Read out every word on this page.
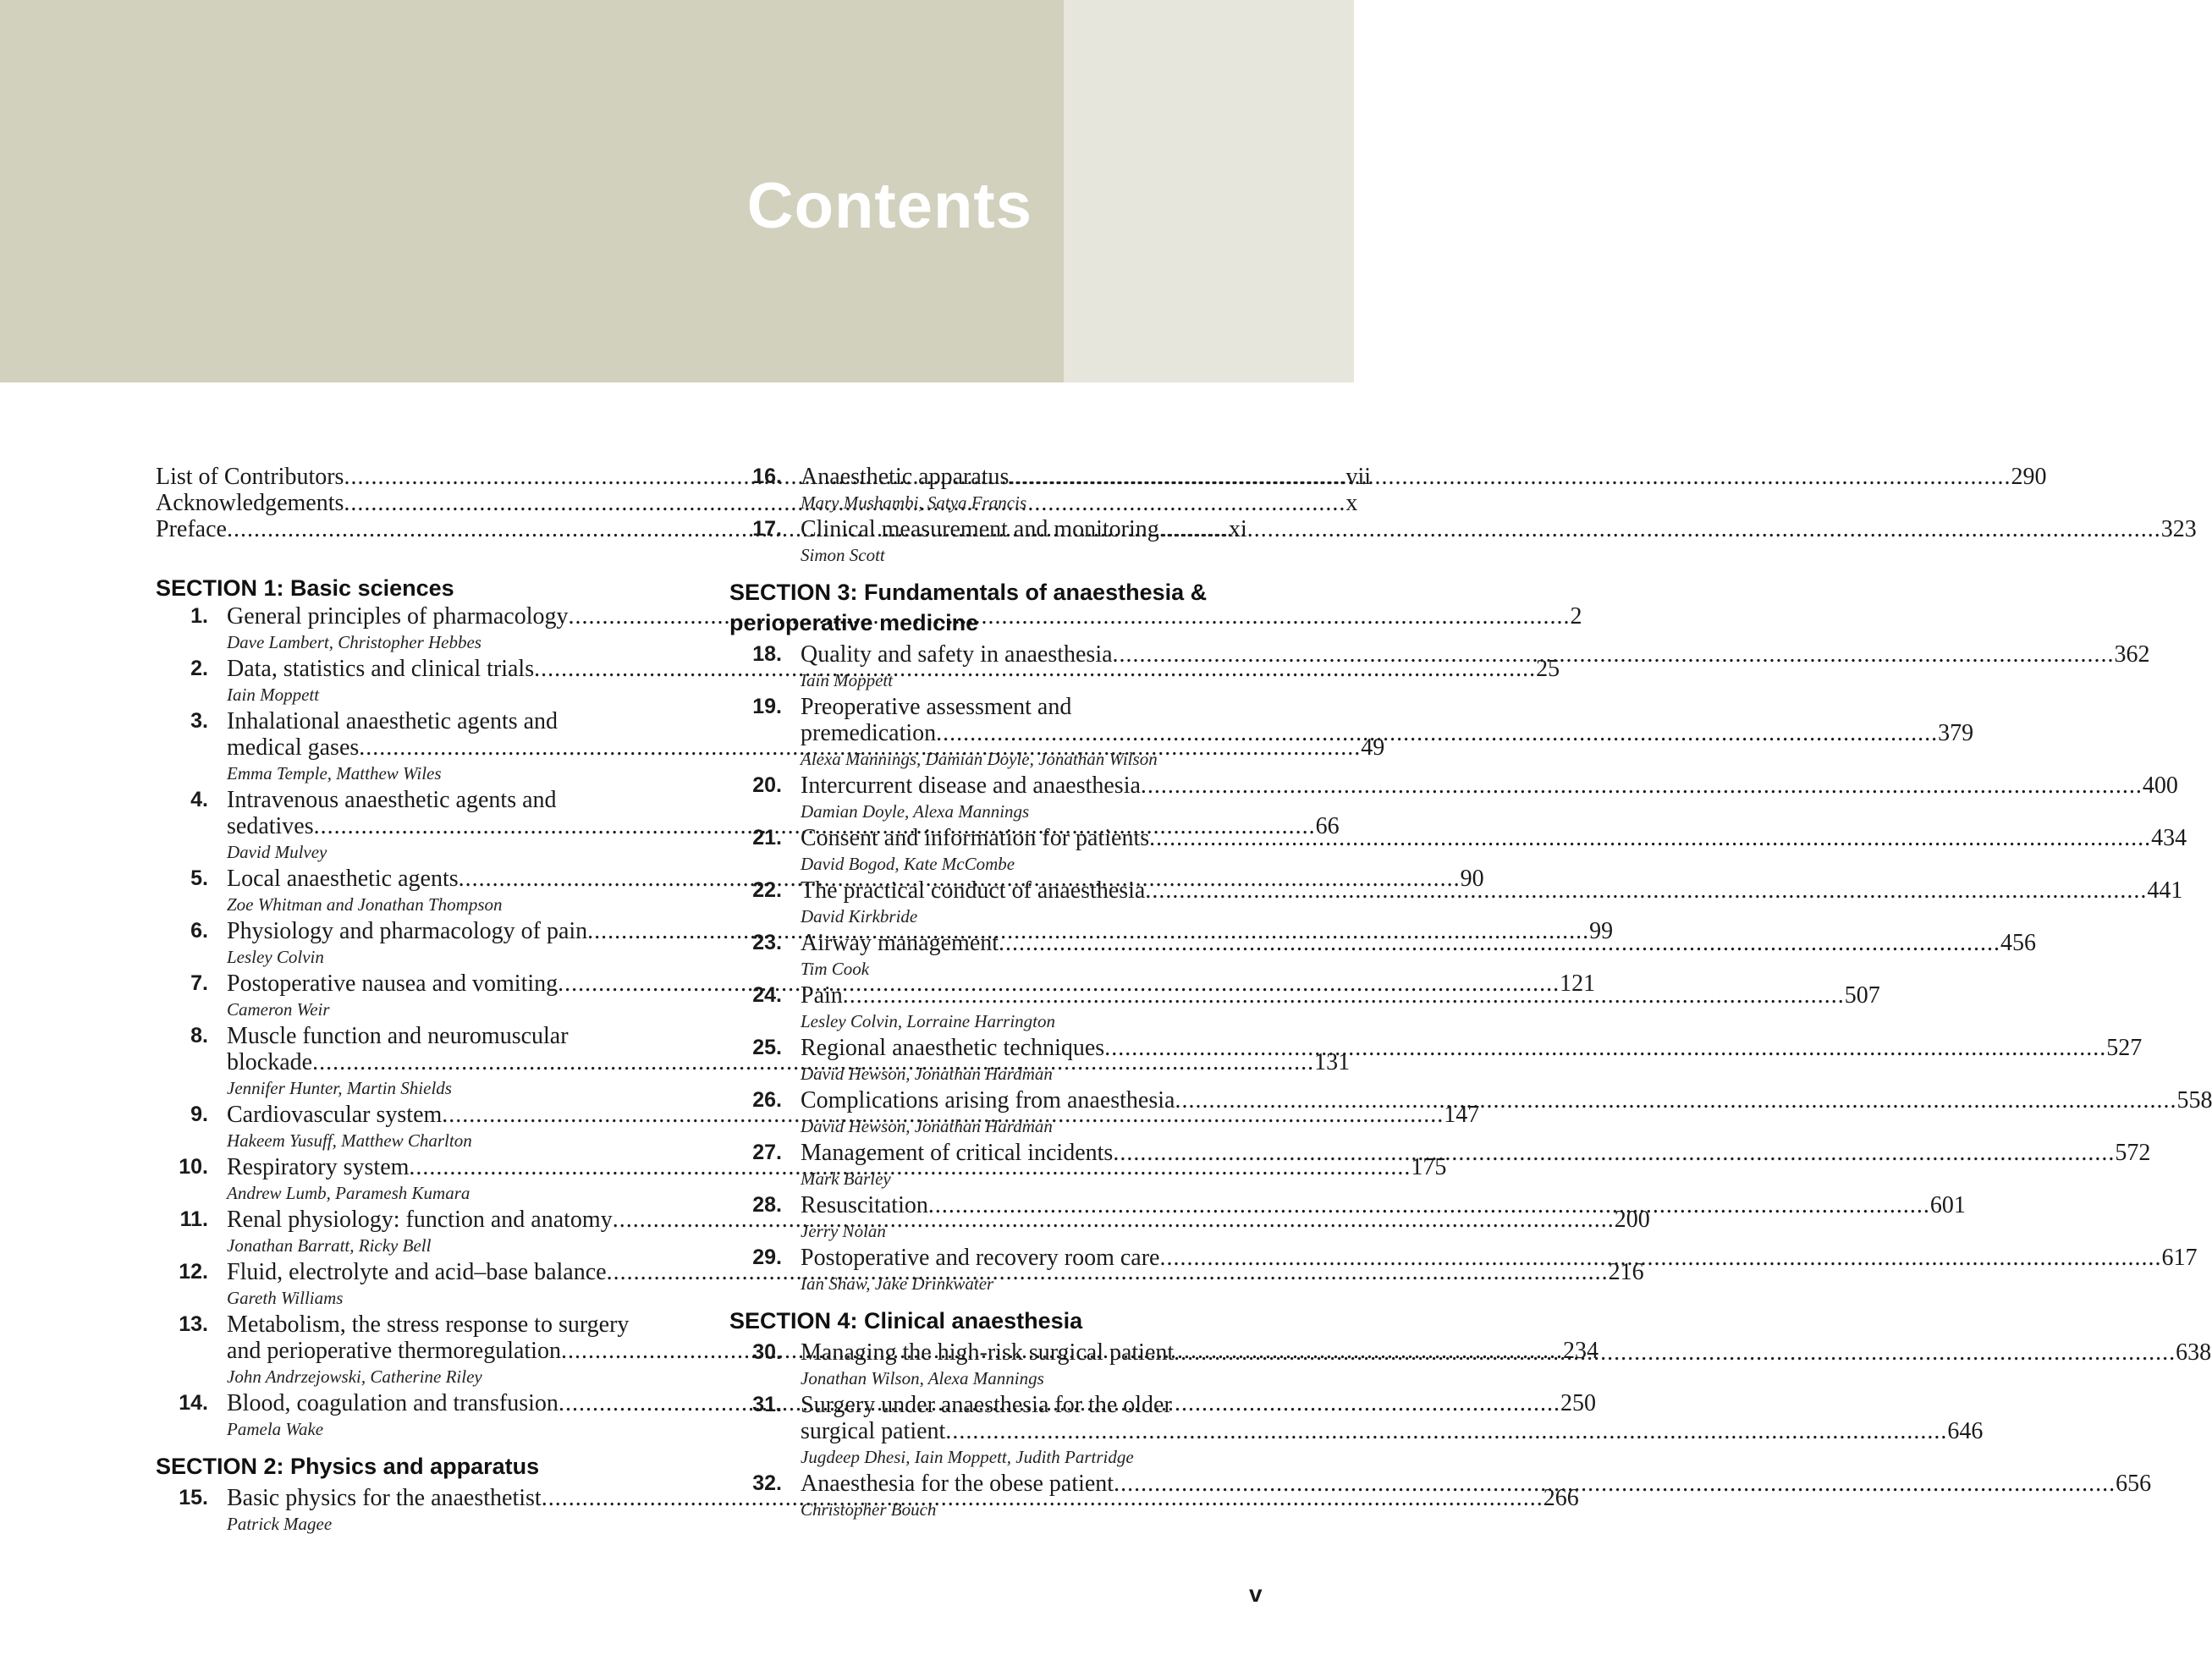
Contents
List of Contributors .....	vii
Acknowledgements .....	x
Preface .....	xi
SECTION 1: Basic sciences
1. General principles of pharmacology .....	2
Dave Lambert, Christopher Hebbes
2. Data, statistics and clinical trials .....	25
Iain Moppett
3. Inhalational anaesthetic agents and
medical gases .....	49
Emma Temple, Matthew Wiles
4. Intravenous anaesthetic agents and
sedatives .....	66
David Mulvey
5. Local anaesthetic agents .....	90
Zoe Whitman and Jonathan Thompson
6. Physiology and pharmacology of pain .....	99
Lesley Colvin
7. Postoperative nausea and vomiting .....	121
Cameron Weir
8. Muscle function and neuromuscular
blockade .....	131
Jennifer Hunter, Martin Shields
9. Cardiovascular system .....	147
Hakeem Yusuff, Matthew Charlton
10. Respiratory system .....	175
Andrew Lumb, Paramesh Kumara
11. Renal physiology: function and anatomy .....	200
Jonathan Barratt, Ricky Bell
12. Fluid, electrolyte and acid–base balance .....	216
Gareth Williams
13. Metabolism, the stress response to surgery
and perioperative thermoregulation .....	234
John Andrzejowski, Catherine Riley
14. Blood, coagulation and transfusion .....	250
Pamela Wake
SECTION 2: Physics and apparatus
15. Basic physics for the anaesthetist .....	266
Patrick Magee
16. Anaesthetic apparatus .....	290
Mary Mushambi, Satya Francis
17. Clinical measurement and monitoring .....	323
Simon Scott
SECTION 3: Fundamentals of anaesthesia &
perioperative medicine
18. Quality and safety in anaesthesia .....	362
Iain Moppett
19. Preoperative assessment and
premedication .....	379
Alexa Mannings, Damian Doyle, Jonathan Wilson
20. Intercurrent disease and anaesthesia .....	400
Damian Doyle, Alexa Mannings
21. Consent and information for patients .....	434
David Bogod, Kate McCombe
22. The practical conduct of anaesthesia .....	441
David Kirkbride
23. Airway management .....	456
Tim Cook
24. Pain .....	507
Lesley Colvin, Lorraine Harrington
25. Regional anaesthetic techniques .....	527
David Hewson, Jonathan Hardman
26. Complications arising from anaesthesia .....	558
David Hewson, Jonathan Hardman
27. Management of critical incidents .....	572
Mark Barley
28. Resuscitation .....	601
Jerry Nolan
29. Postoperative and recovery room care .....	617
Ian Shaw, Jake Drinkwater
SECTION 4: Clinical anaesthesia
30. Managing the high-risk surgical patient .....	638
Jonathan Wilson, Alexa Mannings
31. Surgery under anaesthesia for the older
surgical patient .....	646
Jugdeep Dhesi, Iain Moppett, Judith Partridge
32. Anaesthesia for the obese patient .....	656
Christopher Bouch
v
